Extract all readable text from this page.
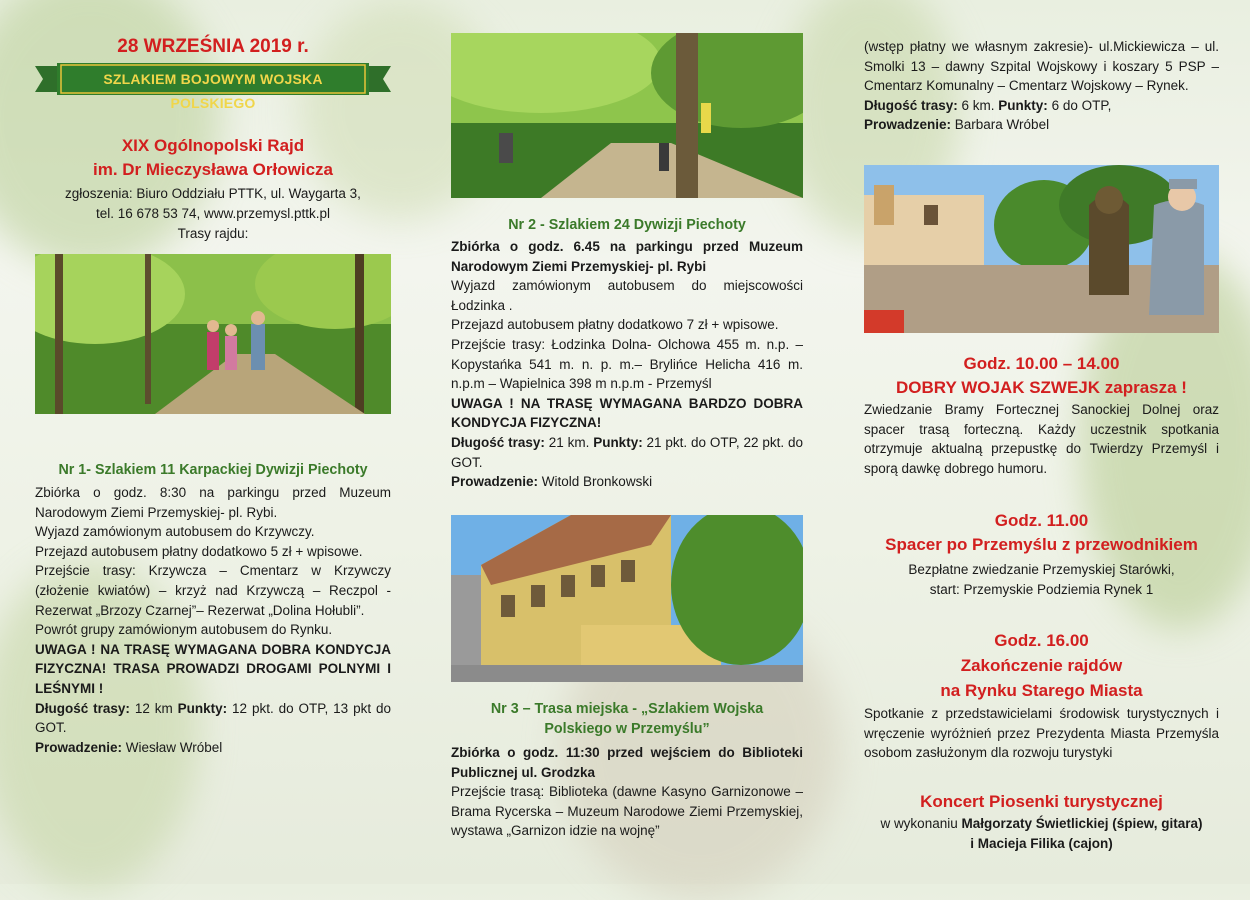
28 WRZEŚNIA 2019 r.
SZLAKIEM BOJOWYM WOJSKA POLSKIEGO
XIX Ogólnopolski Rajd
im. Dr Mieczysława Orłowicza
zgłoszenia: Biuro Oddziału PTTK, ul. Waygarta 3,
tel. 16 678 53 74, www.przemysl.pttk.pl
Trasy rajdu:
Nr 1- Szlakiem 11 Karpackiej Dywizji Piechoty

Zbiórka o godz. 8:30 na parkingu przed Muzeum Narodowym Ziemi Przemyskiej- pl. Rybi.

Wyjazd zamówionym autobusem do Krzywczy.

Przejazd autobusem płatny dodatkowo 5 zł + wpisowe.

Przejście trasy: Krzywcza – Cmentarz w Krzywczy (złożenie kwiatów) – krzyż nad Krzywczą – Reczpol - Rezerwat „Brzozy Czarnej”– Rezerwat „Dolina Hołubli”.

Powrót grupy zamówionym autobusem do Rynku.

UWAGA ! NA TRASĘ WYMAGANA DOBRA KONDYCJA FIZYCZNA! TRASA PROWADZI DROGAMI POLNYMI I LEŚNYMI !

Długość trasy: 12 km Punkty: 12 pkt. do OTP, 13 pkt do GOT.

Prowadzenie: Wiesław Wróbel

Nr 2 - Szlakiem 24 Dywizji Piechoty

Zbiórka o godz. 6.45 na parkingu przed Muzeum Narodowym Ziemi Przemyskiej- pl. Rybi

Wyjazd zamówionym autobusem do miejscowości Łodzinka .

Przejazd autobusem płatny dodatkowo 7 zł + wpisowe.

Przejście trasy: Łodzinka Dolna- Olchowa 455 m. n.p. – Kopystańka 541 m. n. p. m.– Brylińce Helicha 416 m. n.p.m – Wapielnica 398 m n.p.m - Przemyśl

UWAGA ! NA TRASĘ WYMAGANA BARDZO DOBRA KONDYCJA FIZYCZNA!

Długość trasy: 21 km. Punkty: 21 pkt. do OTP, 22 pkt. do GOT.

Prowadzenie: Witold Bronkowski

Nr 3 – Trasa miejska - „Szlakiem Wojska
Polskiego w Przemyślu”

Zbiórka o godz. 11:30 przed wejściem do Biblioteki Publicznej ul. Grodzka

Przejście trasą: Biblioteka (dawne Kasyno Garnizonowe – Brama Rycerska – Muzeum Narodowe Ziemi Przemyskiej, wystawa „Garnizon idzie na wojnę”

(wstęp płatny we własnym zakresie)- ul.Mickiewicza – ul. Smolki 13 – dawny Szpital Wojskowy i koszary 5 PSP – Cmentarz Komunalny – Cmentarz Wojskowy – Rynek.

Długość trasy: 6 km. Punkty: 6 do OTP,

Prowadzenie: Barbara Wróbel

Godz. 10.00 – 14.00
DOBRY WOJAK SZWEJK zaprasza !
Zwiedzanie Bramy Fortecznej Sanockiej Dolnej oraz spacer trasą forteczną. Każdy uczestnik spotkania otrzymuje aktualną przepustkę do Twierdzy Przemyśl i sporą dawkę dobrego humoru.
Godz. 11.00
Spacer po Przemyślu z przewodnikiem
Bezpłatne zwiedzanie Przemyskiej Starówki,
start: Przemyskie Podziemia Rynek 1
Godz. 16.00
Zakończenie rajdów
na Rynku Starego Miasta
Spotkanie z przedstawicielami środowisk turystycznych i wręczenie wyróżnień przez Prezydenta Miasta Przemyśla osobom zasłużonym dla rozwoju turystyki
Koncert Piosenki turystycznej
w wykonaniu Małgorzaty Świetlickiej (śpiew, gitara)
i Macieja Filika (cajon)
